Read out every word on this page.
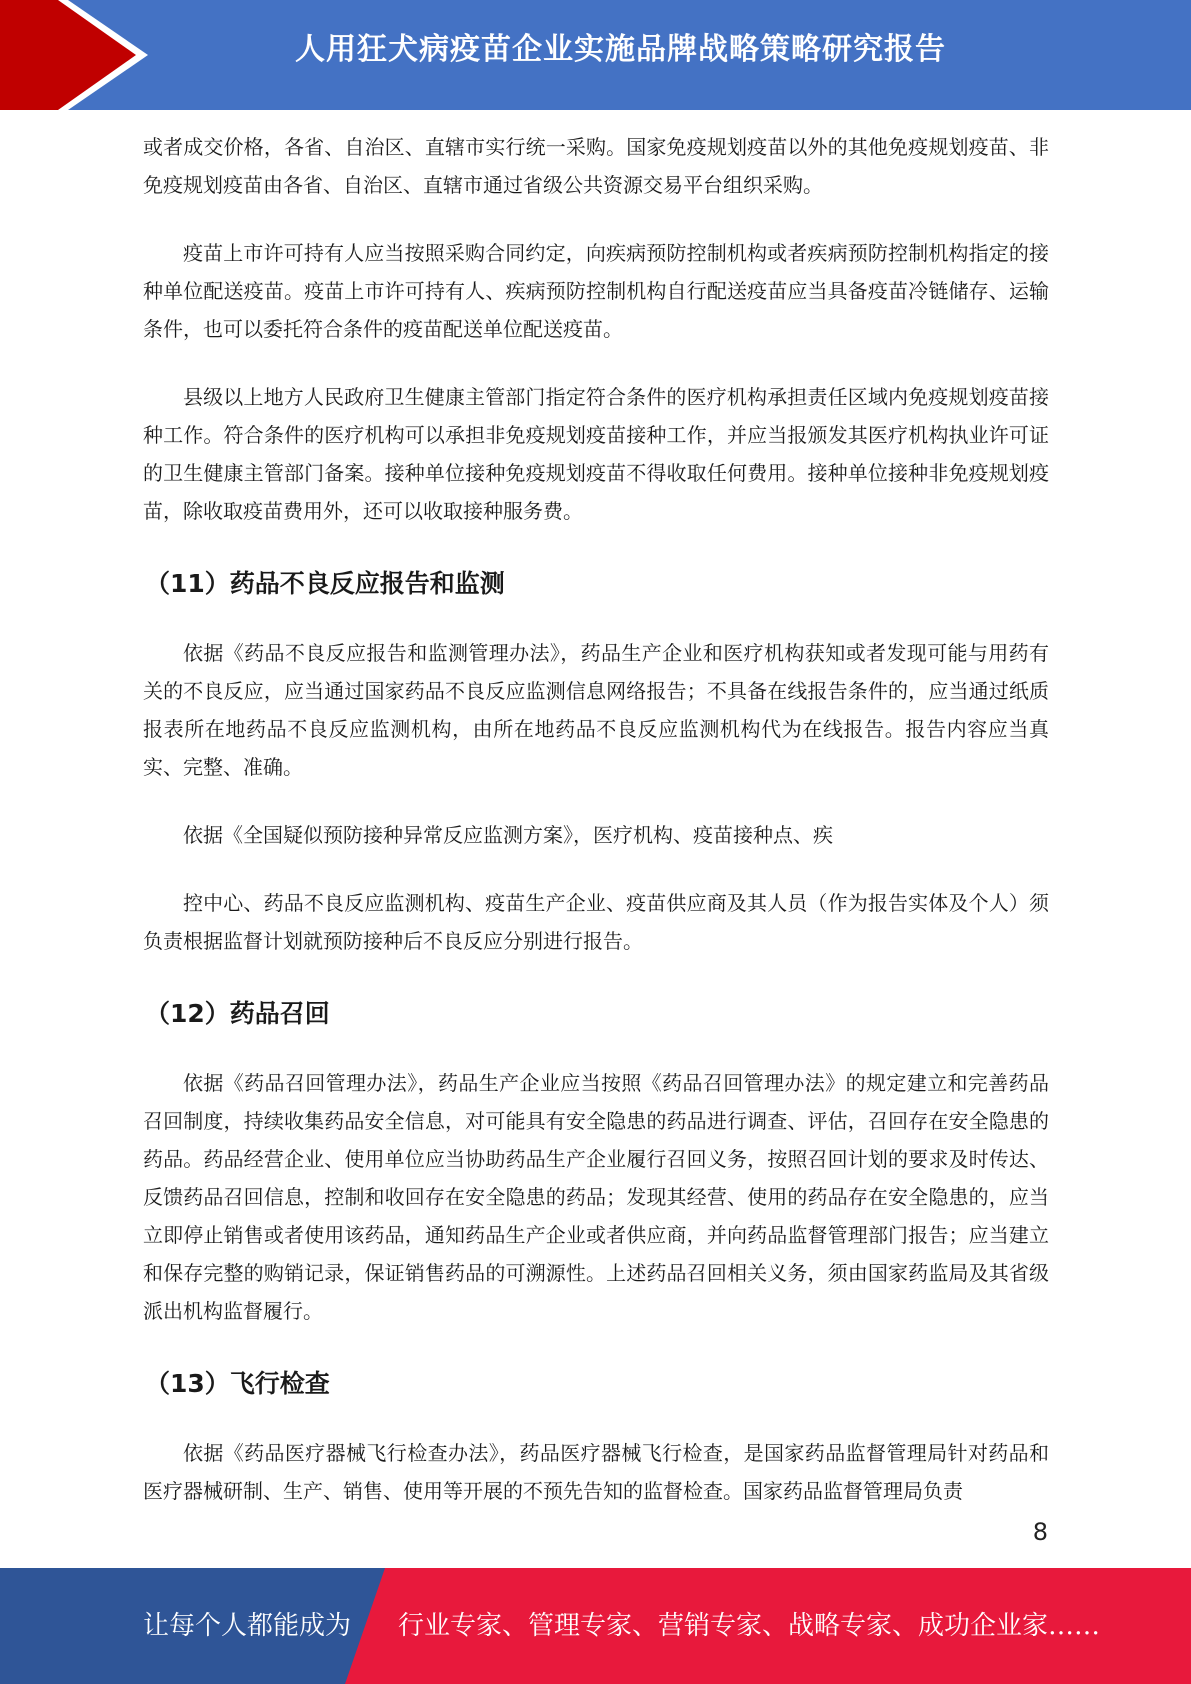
人用狂犬病疫苗企业实施品牌战略策略研究报告

或者成交价格，各省、自治区、直辖市实行统一采购。国家免疫规划疫苗以外的其他免疫规划疫苗、非免疫规划疫苗由各省、自治区、直辖市通过省级公共资源交易平台组织采购。

疫苗上市许可持有人应当按照采购合同约定，向疾病预防控制机构或者疾病预防控制机构指定的接种单位配送疫苗。疫苗上市许可持有人、疾病预防控制机构自行配送疫苗应当具备疫苗冷链储存、运输条件，也可以委托符合条件的疫苗配送单位配送疫苗。

县级以上地方人民政府卫生健康主管部门指定符合条件的医疗机构承担责任区域内免疫规划疫苗接种工作。符合条件的医疗机构可以承担非免疫规划疫苗接种工作，并应当报颁发其医疗机构执业许可证的卫生健康主管部门备案。接种单位接种免疫规划疫苗不得收取任何费用。接种单位接种非免疫规划疫苗，除收取疫苗费用外，还可以收取接种服务费。

（11）药品不良反应报告和监测

依据《药品不良反应报告和监测管理办法》，药品生产企业和医疗机构获知或者发现可能与用药有关的不良反应，应当通过国家药品不良反应监测信息网络报告；不具备在线报告条件的，应当通过纸质报表所在地药品不良反应监测机构，由所在地药品不良反应监测机构代为在线报告。报告内容应当真实、完整、准确。

依据《全国疑似预防接种异常反应监测方案》，医疗机构、疫苗接种点、疾

控中心、药品不良反应监测机构、疫苗生产企业、疫苗供应商及其人员（作为报告实体及个人）须负责根据监督计划就预防接种后不良反应分别进行报告。

（12）药品召回

依据《药品召回管理办法》，药品生产企业应当按照《药品召回管理办法》的规定建立和完善药品召回制度，持续收集药品安全信息，对可能具有安全隐患的药品进行调查、评估，召回存在安全隐患的药品。药品经营企业、使用单位应当协助药品生产企业履行召回义务，按照召回计划的要求及时传达、反馈药品召回信息，控制和收回存在安全隐患的药品；发现其经营、使用的药品存在安全隐患的，应当立即停止销售或者使用该药品，通知药品生产企业或者供应商，并向药品监督管理部门报告；应当建立和保存完整的购销记录，保证销售药品的可溯源性。上述药品召回相关义务，须由国家药监局及其省级派出机构监督履行。

（13）飞行检查

依据《药品医疗器械飞行检查办法》，药品医疗器械飞行检查，是国家药品监督管理局针对药品和医疗器械研制、生产、销售、使用等开展的不预先告知的监督检查。国家药品监督管理局负责

8
让每个人都能成为 行业专家、管理专家、营销专家、战略专家、成功企业家……
